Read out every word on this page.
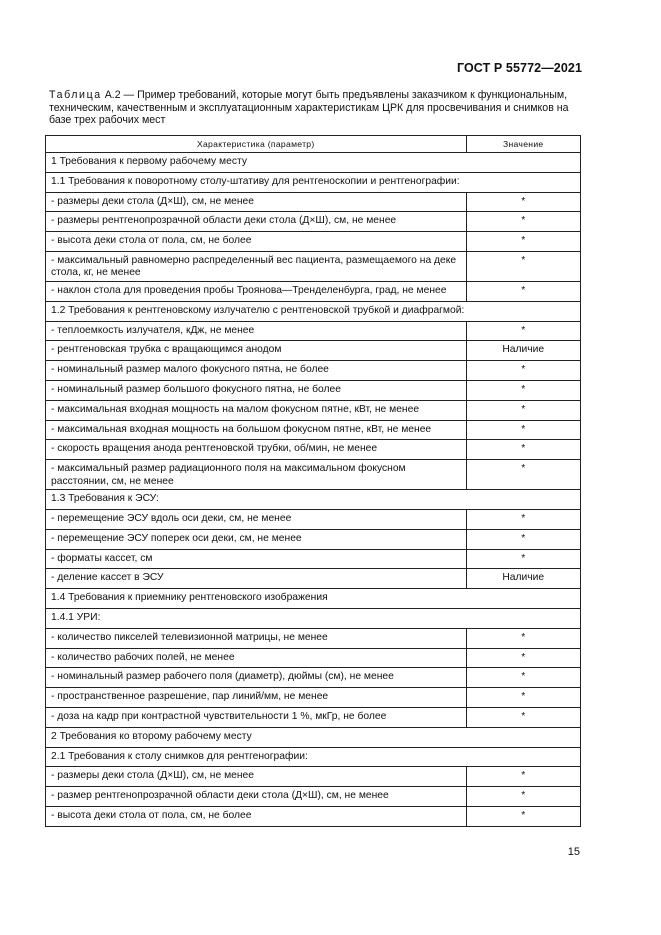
ГОСТ Р 55772—2021
Таблица А.2 — Пример требований, которые могут быть предъявлены заказчиком к функциональным, техническим, качественным и эксплуатационным характеристикам ЦРК для просвечивания и снимков на базе трех рабочих мест
Характеристика (параметр)	Значение
1 Требования к первому рабочему месту	
1.1 Требования к поворотному столу-штативу для рентгеноскопии и рентгенографии:	
- размеры деки стола (Д×Ш), см, не менее	*
- размеры рентгенопрозрачной области деки стола (Д×Ш), см, не менее	*
- высота деки стола от пола, см, не более	*
- максимальный равномерно распределенный вес пациента, размещаемого на деке стола, кг, не менее	*
- наклон стола для проведения пробы Троянова—Тренделенбурга, град, не менее	*
1.2 Требования к рентгеновскому излучателю с рентгеновской трубкой и диафрагмой:	
- теплоемкость излучателя, кДж, не менее	*
- рентгеновская трубка с вращающимся анодом	Наличие
- номинальный размер малого фокусного пятна, не более	*
- номинальный размер большого фокусного пятна, не более	*
- максимальная входная мощность на малом фокусном пятне, кВт, не менее	*
- максимальная входная мощность на большом фокусном пятне, кВт, не менее	*
- скорость вращения анода рентгеновской трубки, об/мин, не менее	*
- максимальный размер радиационного поля на максимальном фокусном расстоянии, см, не менее	*
1.3 Требования к ЭСУ:	
- перемещение ЭСУ вдоль оси деки, см, не менее	*
- перемещение ЭСУ поперек оси деки, см, не менее	*
- форматы кассет, см	*
- деление кассет в ЭСУ	Наличие
1.4 Требования к приемнику рентгеновского изображения	
1.4.1 УРИ:	
- количество пикселей телевизионной матрицы, не менее	*
- количество рабочих полей, не менее	*
- номинальный размер рабочего поля (диаметр), дюймы (см), не менее	*
- пространственное разрешение, пар линий/мм, не менее	*
- доза на кадр при контрастной чувствительности 1 %, мкГр, не более	*
2 Требования ко второму рабочему месту	
2.1 Требования к столу снимков для рентгенографии:	
- размеры деки стола (Д×Ш), см, не менее	*
- размер рентгенопрозрачной области деки стола (Д×Ш), см, не менее	*
- высота деки стола от пола, см, не более	*
15
